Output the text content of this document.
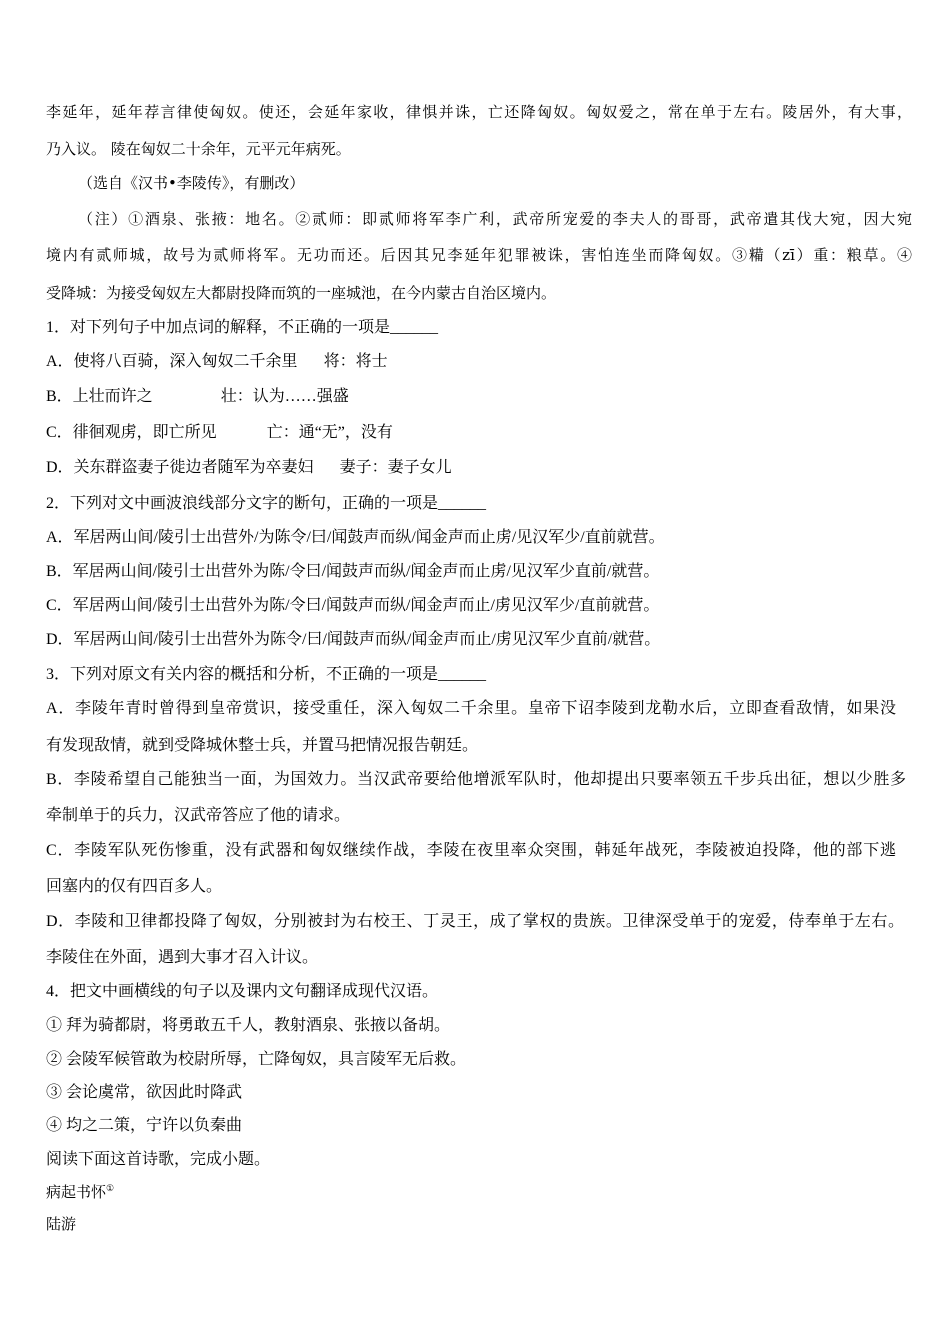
李延年，延年荐言律使匈奴。使还，会延年家收，律惧并诛，亡还降匈奴。匈奴爱之，常在单于左右。陵居外，有大事，
乃入议。 陵在匈奴二十余年，元平元年病死。
（选自《汉书•李陵传》，有删改）
（注）①酒泉、张掖：地名。②贰师：即贰师将军李广利，武帝所宠爱的李夫人的哥哥，武帝遣其伐大宛，因大宛
境内有贰师城，故号为贰师将军。无功而还。后因其兄李延年犯罪被诛，害怕连坐而降匈奴。③糒（zī）重：粮草。④
受降城：为接受匈奴左大都尉投降而筑的一座城池，在今内蒙古自治区境内。
1．对下列句子中加点词的解释，不正确的一项是______
A．使将八百骑，深入匈奴二千余里 将：将士
B．上壮而许之	壮：认为……强盛
C．徘徊观虏，即亡所见	亡：通“无”，没有
D．关东群盗妻子徙边者随军为卒妻妇 妻子：妻子女儿
2．下列对文中画波浪线部分文字的断句，正确的一项是______
A．军居两山间/陵引士出营外/为陈令/曰/闻鼓声而纵/闻金声而止虏/见汉军少/直前就营。
B．军居两山间/陵引士出营外为陈/令曰/闻鼓声而纵/闻金声而止虏/见汉军少直前/就营。
C．军居两山间/陵引士出营外为陈/令曰/闻鼓声而纵/闻金声而止/虏见汉军少/直前就营。
D．军居两山间/陵引士出营外为陈令/曰/闻鼓声而纵/闻金声而止/虏见汉军少直前/就营。
3．下列对原文有关内容的概括和分析，不正确的一项是______
A．李陵年青时曾得到皇帝赏识，接受重任，深入匈奴二千余里。皇帝下诏李陵到龙勒水后，立即查看敌情，如果没
有发现敌情，就到受降城休整士兵，并置马把情况报告朝廷。
B．李陵希望自己能独当一面，为国效力。当汉武帝要给他增派军队时，他却提出只要率领五千步兵出征，想以少胜多
牵制单于的兵力，汉武帝答应了他的请求。
C．李陵军队死伤惨重，没有武器和匈奴继续作战，李陵在夜里率众突围，韩延年战死，李陵被迫投降，他的部下逃
回塞内的仅有四百多人。
D．李陵和卫律都投降了匈奴，分别被封为右校王、丁灵王，成了掌权的贵族。卫律深受单于的宠爱，侍奉单于左右。
李陵住在外面，遇到大事才召入计议。
4．把文中画横线的句子以及课内文句翻译成现代汉语。
① 拜为骑都尉，将勇敢五千人，教射酒泉、张掖以备胡。
② 会陵军候管敢为校尉所辱，亡降匈奴，具言陵军无后救。
③ 会论虞常，欲因此时降武
④ 均之二策，宁许以负秦曲
阅读下面这首诗歌，完成小题。
病起书怀①
陆游
